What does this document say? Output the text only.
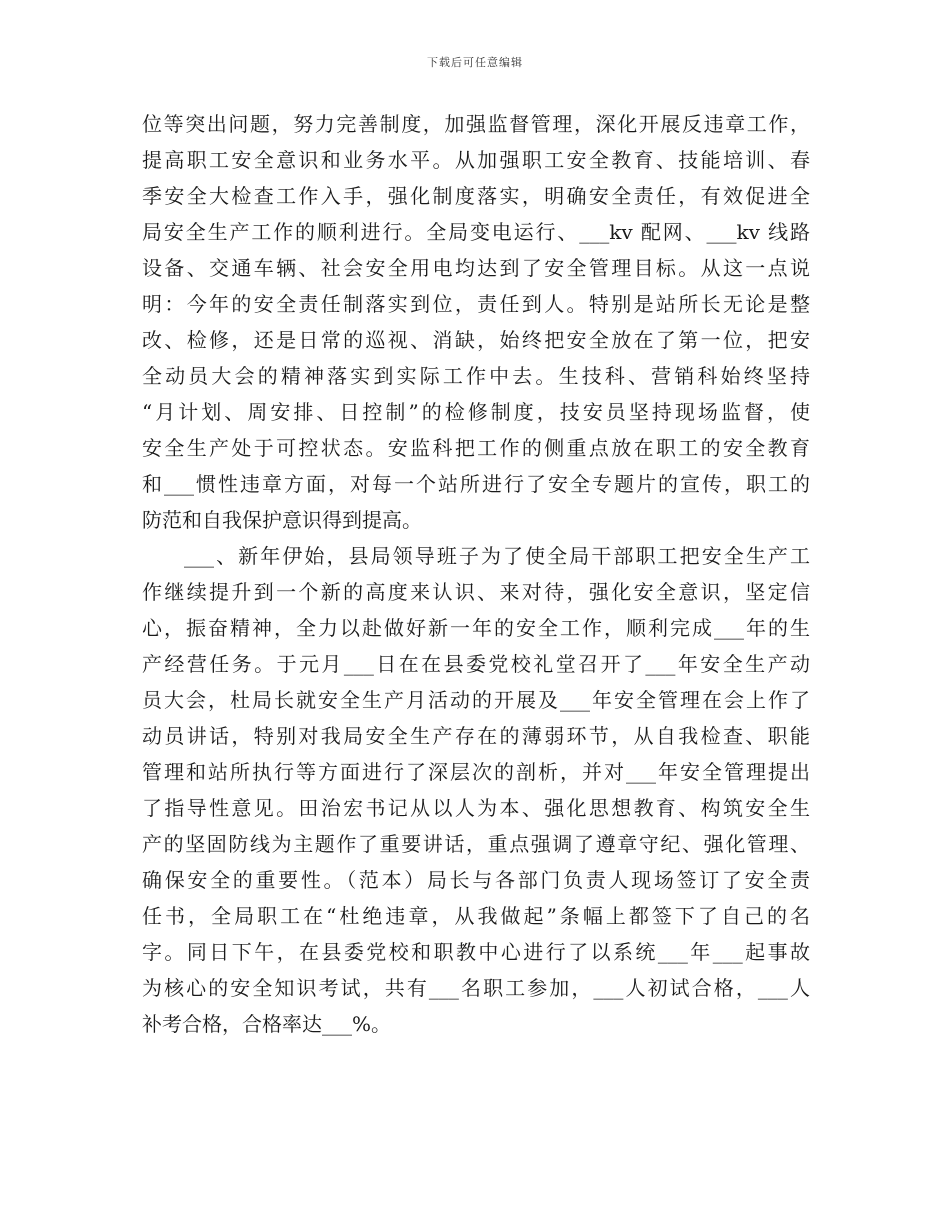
下载后可任意编辑
位等突出问题，努力完善制度，加强监督管理，深化开展反违章工作，
提高职工安全意识和业务水平。从加强职工安全教育、技能培训、春
季安全大检查工作入手，强化制度落实，明确安全责任，有效促进全
局安全生产工作的顺利进行。全局变电运行、___kv 配网、___kv 线路
设备、交通车辆、社会安全用电均达到了安全管理目标。从这一点说
明：今年的安全责任制落实到位，责任到人。特别是站所长无论是整
改、检修，还是日常的巡视、消缺，始终把安全放在了第一位，把安
全动员大会的精神落实到实际工作中去。生技科、营销科始终坚持
“月计划、周安排、日控制”的检修制度，技安员坚持现场监督，使
安全生产处于可控状态。安监科把工作的侧重点放在职工的安全教育
和___惯性违章方面，对每一个站所进行了安全专题片的宣传，职工的
防范和自我保护意识得到提高。
___、新年伊始，县局领导班子为了使全局干部职工把安全生产工
作继续提升到一个新的高度来认识、来对待，强化安全意识，坚定信
心，振奋精神，全力以赴做好新一年的安全工作，顺利完成___年的生
产经营任务。于元月___日在在县委党校礼堂召开了___年安全生产动
员大会，杜局长就安全生产月活动的开展及___年安全管理在会上作了
动员讲话，特别对我局安全生产存在的薄弱环节，从自我检查、职能
管理和站所执行等方面进行了深层次的剖析，并对___年安全管理提出
了指导性意见。田治宏书记从以人为本、强化思想教育、构筑安全生
产的坚固防线为主题作了重要讲话，重点强调了遵章守纪、强化管理、
确保安全的重要性。（范本）局长与各部门负责人现场签订了安全责
任书，全局职工在“杜绝违章，从我做起”条幅上都签下了自己的名
字。同日下午，在县委党校和职教中心进行了以系统___年___起事故
为核心的安全知识考试，共有___名职工参加，___人初试合格，___人
补考合格，合格率达___%。
